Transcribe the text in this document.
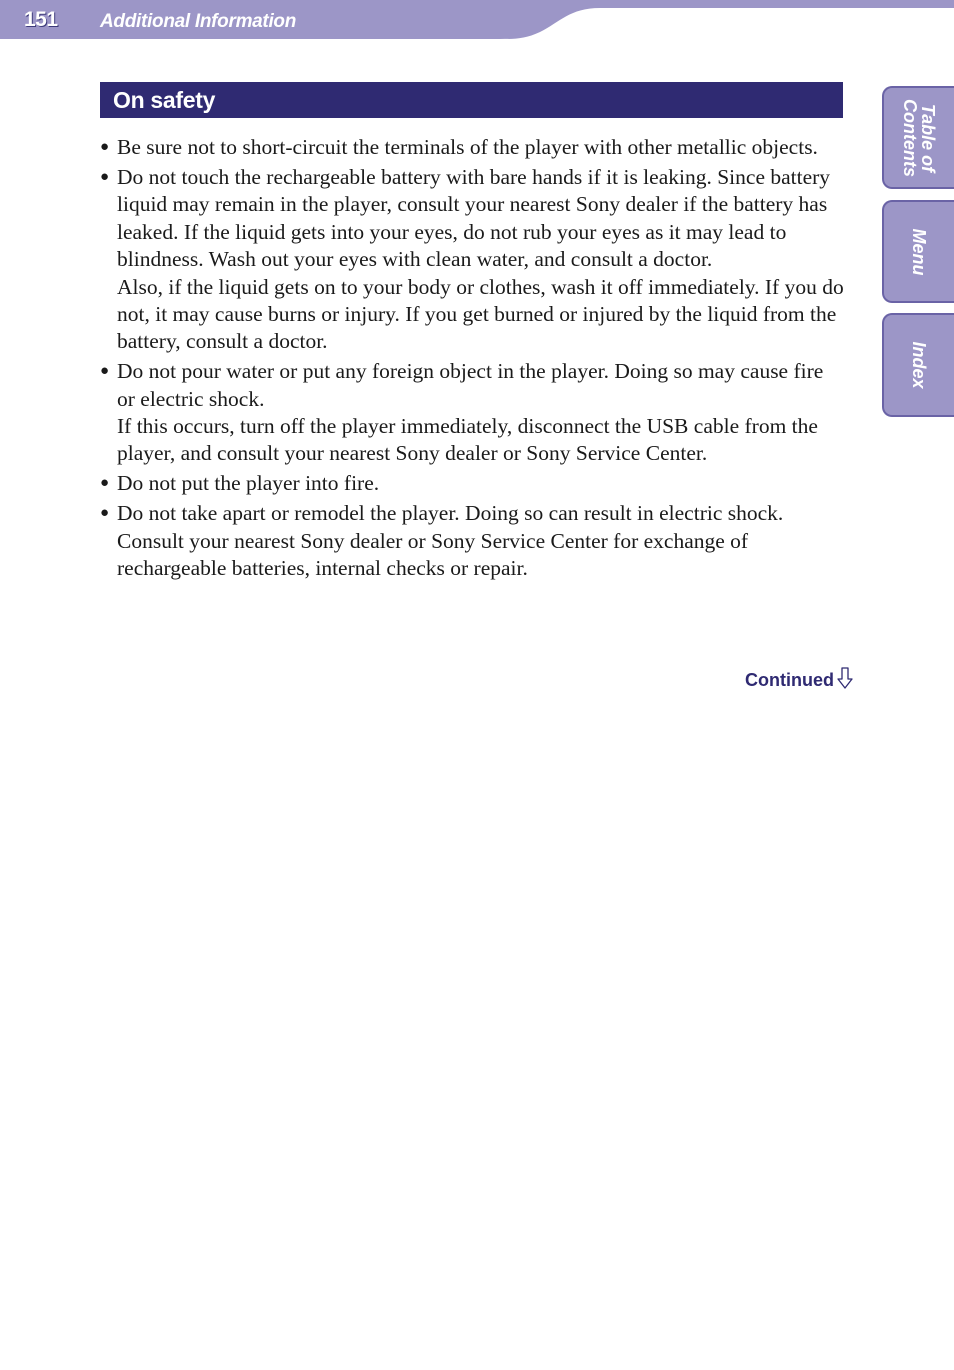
151 Additional Information
On safety
● Be sure not to short-circuit the terminals of the player with other metallic objects.

● Do not touch the rechargeable battery with bare hands if it is leaking. Since battery liquid may remain in the player, consult your nearest Sony dealer if the battery has leaked. If the liquid gets into your eyes, do not rub your eyes as it may lead to blindness. Wash out your eyes with clean water, and consult a doctor.

Also, if the liquid gets on to your body or clothes, wash it off immediately. If you do not, it may cause burns or injury. If you get burned or injured by the liquid from the battery, consult a doctor.

● Do not pour water or put any foreign object in the player. Doing so may cause fire or electric shock.

If this occurs, turn off the player immediately, disconnect the USB cable from the player, and consult your nearest Sony dealer or Sony Service Center.

● Do not put the player into fire.

● Do not take apart or remodel the player. Doing so can result in electric shock. Consult your nearest Sony dealer or Sony Service Center for exchange of rechargeable batteries, internal checks or repair.

Continued
Table of
Contents
Menu
Index
